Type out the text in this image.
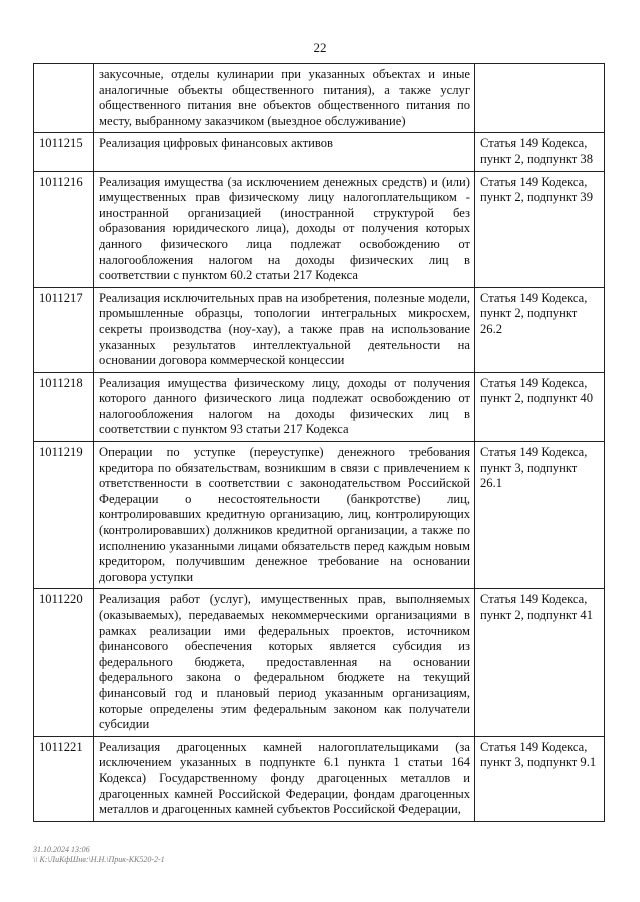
22
	закусочные, отделы кулинарии при указанных объектах и иные аналогичные объекты общественного питания), а также услуг общественного питания вне объектов общественного питания по месту, выбранному заказчиком (выездное обслуживание)	
1011215	Реализация цифровых финансовых активов	Статья 149 Кодекса, пункт 2, подпункт 38
1011216	Реализация имущества (за исключением денежных средств) и (или) имущественных прав физическому лицу налогоплательщиком - иностранной организацией (иностранной структурой без образования юридического лица), доходы от получения которых данного физического лица подлежат освобождению от налогообложения налогом на доходы физических лиц в соответствии с пунктом 60.2 статьи 217 Кодекса	Статья 149 Кодекса, пункт 2, подпункт 39
1011217	Реализация исключительных прав на изобретения, полезные модели, промышленные образцы, топологии интегральных микросхем, секреты производства (ноу-хау), а также прав на использование указанных результатов интеллектуальной деятельности на основании договора коммерческой концессии	Статья 149 Кодекса, пункт 2, подпункт 26.2
1011218	Реализация имущества физическому лицу, доходы от получения которого данного физического лица подлежат освобождению от налогообложения налогом на доходы физических лиц в соответствии с пунктом 93 статьи 217 Кодекса	Статья 149 Кодекса, пункт 2, подпункт 40
1011219	Операции по уступке (переуступке) денежного требования кредитора по обязательствам, возникшим в связи с привлечением к ответственности в соответствии с законодательством Российской Федерации о несостоятельности (банкротстве) лиц, контролировавших кредитную организацию, лиц, контролирующих (контролировавших) должников кредитной организации, а также по исполнению указанными лицами обязательств перед каждым новым кредитором, получившим денежное требование на основании договора уступки	Статья 149 Кодекса, пункт 3, подпункт 26.1
1011220	Реализация работ (услуг), имущественных прав, выполняемых (оказываемых), передаваемых некоммерческими организациями в рамках реализации ими федеральных проектов, источником финансового обеспечения которых является субсидия из федерального бюджета, предоставленная на основании федерального закона о федеральном бюджете на текущий финансовый год и плановый период указанным организациям, которые определены этим федеральным законом как получатели субсидии	Статья 149 Кодекса, пункт 2, подпункт 41
1011221	Реализация драгоценных камней налогоплательщиками (за исключением указанных в подпункте 6.1 пункта 1 статьи 164 Кодекса) Государственному фонду драгоценных металлов и драгоценных камней Российской Федерации, фондам драгоценных металлов и драгоценных камней субъектов Российской Федерации,	Статья 149 Кодекса, пункт 3, подпункт 9.1
31.10.2024 13:06
\\ К:\ЛиКфШнв:\Н.Н.\Прик-КК520-2-1
